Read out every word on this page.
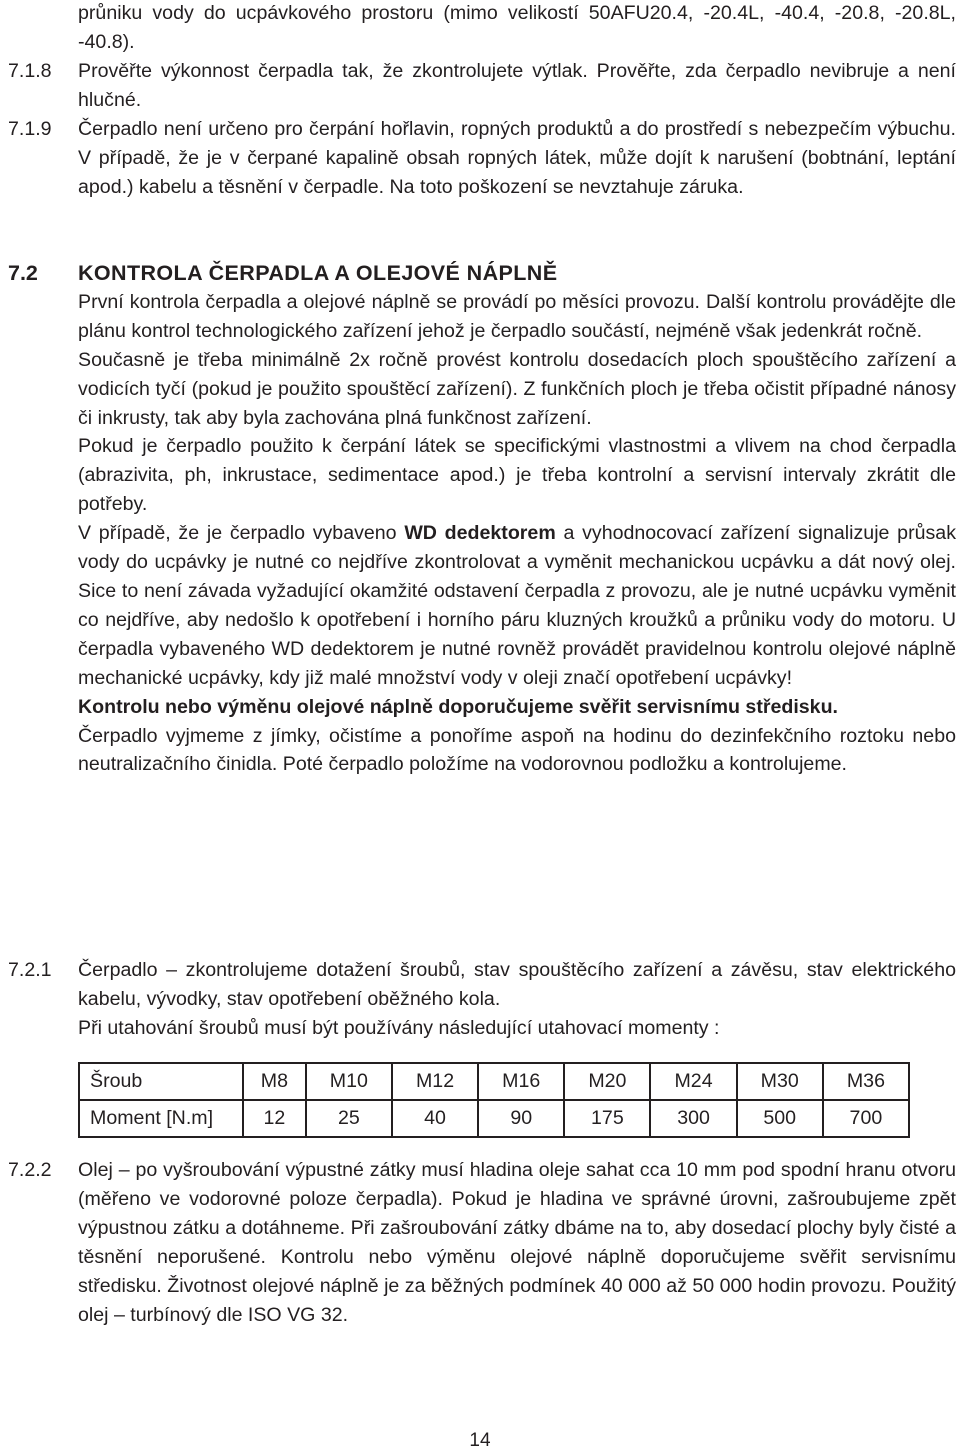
průniku vody do ucpávkového prostoru (mimo velikostí 50AFU20.4, -20.4L, -40.4, -20.8, -20.8L, -40.8).
7.1.8 Prověřte výkonnost čerpadla tak, že zkontrolujete výtlak. Prověřte, zda čerpadlo nevibruje a není hlučné.
7.1.9 Čerpadlo není určeno pro čerpání hořlavin, ropných produktů a do prostředí s nebezpečím výbuchu. V případě, že je v čerpané kapalině obsah ropných látek, může dojít k narušení (bobtnání, leptání apod.) kabelu a těsnění v čerpadle. Na toto poškození se nevztahuje záruka.
7.2 KONTROLA ČERPADLA A OLEJOVÉ NÁPLNĚ

První kontrola čerpadla a olejové náplně se provádí po měsíci provozu. Další kontrolu provádějte dle plánu kontrol technologického zařízení jehož je čerpadlo součástí, nejméně však jedenkrát ročně.

Současně je třeba minimálně 2x ročně provést kontrolu dosedacích ploch spouštěcího zařízení a vodicích tyčí (pokud je použito spouštěcí zařízení). Z funkčních ploch je třeba očistit případné nánosy či inkrusty, tak aby byla zachována plná funkčnost zařízení.

Pokud je čerpadlo použito k čerpání látek se specifickými vlastnostmi a vlivem na chod čerpadla (abrazivita, ph, inkrustace, sedimentace apod.) je třeba kontrolní a servisní intervaly zkrátit dle potřeby.

V případě, že je čerpadlo vybaveno WD dedektorem a vyhodnocovací zařízení signalizuje průsak vody do ucpávky je nutné co nejdříve zkontrolovat a vyměnit mechanickou ucpávku a dát nový olej. Sice to není závada vyžadující okamžité odstavení čerpadla z provozu, ale je nutné ucpávku vyměnit co nejdříve, aby nedošlo k opotřebení i horního páru kluzných kroužků a průniku vody do motoru. U čerpadla vybaveného WD dedektorem je nutné rovněž provádět pravidelnou kontrolu olejové náplně mechanické ucpávky, kdy již malé množství vody v oleji značí opotřebení ucpávky!

Kontrolu nebo výměnu olejové náplně doporučujeme svěřit servisnímu středisku.

Čerpadlo vyjmeme z jímky, očistíme a ponoříme aspoň na hodinu do dezinfekčního roztoku nebo neutralizačního činidla. Poté čerpadlo položíme na vodorovnou podložku a kontrolujeme.

7.2.1 Čerpadlo – zkontrolujeme dotažení šroubů, stav spouštěcího zařízení a závěsu, stav elektrického kabelu, vývodky, stav opotřebení oběžného kola.

Při utahování šroubů musí být používány následující utahovací momenty :

Šroub	M8	M10	M12	M16	M20	M24	M30	M36
Moment [N.m]	12	25	40	90	175	300	500	700
7.2.2 Olej – po vyšroubování výpustné zátky musí hladina oleje sahat cca 10 mm pod spodní hranu otvoru (měřeno ve vodorovné poloze čerpadla). Pokud je hladina ve správné úrovni, zašroubujeme zpět výpustnou zátku a dotáhneme. Při zašroubování zátky dbáme na to, aby dosedací plochy byly čisté a těsnění neporušené. Kontrolu nebo výměnu olejové náplně doporučujeme svěřit servisnímu středisku. Životnost olejové náplně je za běžných podmínek 40 000 až 50 000 hodin provozu. Použitý olej – turbínový dle ISO VG 32.
14
